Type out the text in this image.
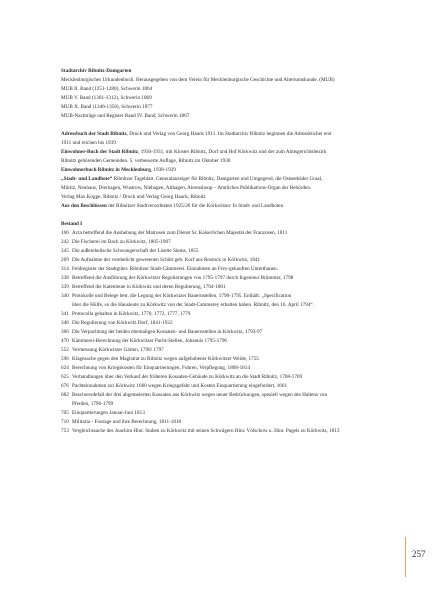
Stadtarchiv Ribnitz-Damgarten
Mecklenburgisches Urkundenbuch. Herausgegeben von dem Verein für Mecklenburgische Geschichte und Altertumskunde. (MUB)
MUB II. Band (1251-1280), Schwerin 1864
MUB V. Band (1301-1312), Schwerin 1869
MUB X. Band (1346-1350), Schwerin 1877
MUB-Nachträge und Register Band IV. Band, Schwerin 1867
Adressbuch der Stadt Ribnitz, Druck und Verlag von Georg Haack 1911. Im Stadtarchiv Ribnitz beginnen die Adressbücher erst
1911 und reichen bis 1939
Einwohner-Buch der Stadt Ribnitz, 1930-1931, mit Kloster Ribnitz, Dorf und Hof Körkwitz und der zum Amtsgerichtsbezirk
Ribnitz gehörenden Gemeinden. 5. verbesserte Auflage, Ribnitz im Oktober 1930
Einwohnerbuch Ribnitz in Mecklenburg, 1938-1939
„Stadt- und Landbote“ Ribnitzer Tageblatt. Generalanzeiger für Ribnitz, Damgarten und Umgegend, die Ostseebäder Graal,
Müritz, Neuhaus, Dierhagen, Wustrow, Niehagen, Althagen, Ahrenshoop – Amtliches Publikations-Organ der Behörden.
Verlag Max Kogge, Ribnitz / Druck und Verlag Georg Haack, Ribnitz
Aus den Beschlüssen der Ribnitzer Stadtverordneten 1925/26 für die Körkwitzer. In Stadt- und Landboten.
Bestand I
166 Acta betreffend die Aushebung der Matrosen zum Dienst Sr. Kaiserlichen Majestät der Franzosen, 1811
242 Die Fischerei im Bach zu Körkwitz, 1805-1907
245 Die außerehelische Schwangerschaft der Lisette Siems, 1855
269 Die Aufnahme der verehelicht gewesenen Schütt geb. Korf aus Rostock in Körkwitz, 1841
314 Feldregister der Stadtgüter. Ribnitzer Stadt-Cämmerei. Einnahmen an Frey-gekauften Unterthanen.
338 Betreffend die Ausführung der Körkwitzer Regulierungen von 1795-1797 durch Ingenieur Brümmer, 1798
339 Betreffend die Katenleute in Körkwitz und deren Regulierung, 1764-1801
340 Protokolle und Belege betr. die Legung der Körkwitzer Bauernstellen, 1790-1795. Enthält: „Specification
über die Hülfe, so die Hausleute zu Körkwitz von der Stadt-Cammerey erhalten haben. Ribnitz, den 16. April 1794“.
341 Protocolla gehalten in Körkwitz, 1770, 1772, 1777, 1779
346 Die Regulierung von Körkwitz Dorf, 1841-1922
366 Die Verpachtung der beiden ehemaligen Kossaten- und Bauernstellen in Körkwitz, 1793-97
470 Kämmerei-Berechnung der Körkwitzer Pacht-Stellen, Johannis 1795-1796
552 Vermessung Körkwitzer Gärten, 1790/ 1797
596 Klagesache gegen den Magistrat zu Ribnitz wegen aufgehobener Körkwitzer Weide, 1755
624 Berechnung von Kriegskosten für Einquartierungen, Fuhren, Verpflegung, 1808-1814
625 Verhandlungen über den Verkauf der früheren Kossaten-Gebäude zu Körkwitz an die Stadt Ribnitz, 1768-1769
676 Pachteinnahmen zur Körkwitz 1660 wegen Kriegsgefahr und Kosten Einquartierung eingefordert, 1661
682 Beschwerdefall der drei abgemeierten Kossaten aus Körkwitz wegen neuer Bedrückungen, speziell wegen des Haltens von
Pferden, 1796-1799
705 Einquartierungen Januar-Juni 1813
710 Militaria - Fourage und ihre Berechnung, 1811-1818
753 Vergleichssache des Joachim Hinr. Staben zu Körkwitz mit seinen Schwägern Hinr. Völschow u. Hinr. Pagels zu Körkwitz, 1813
257
